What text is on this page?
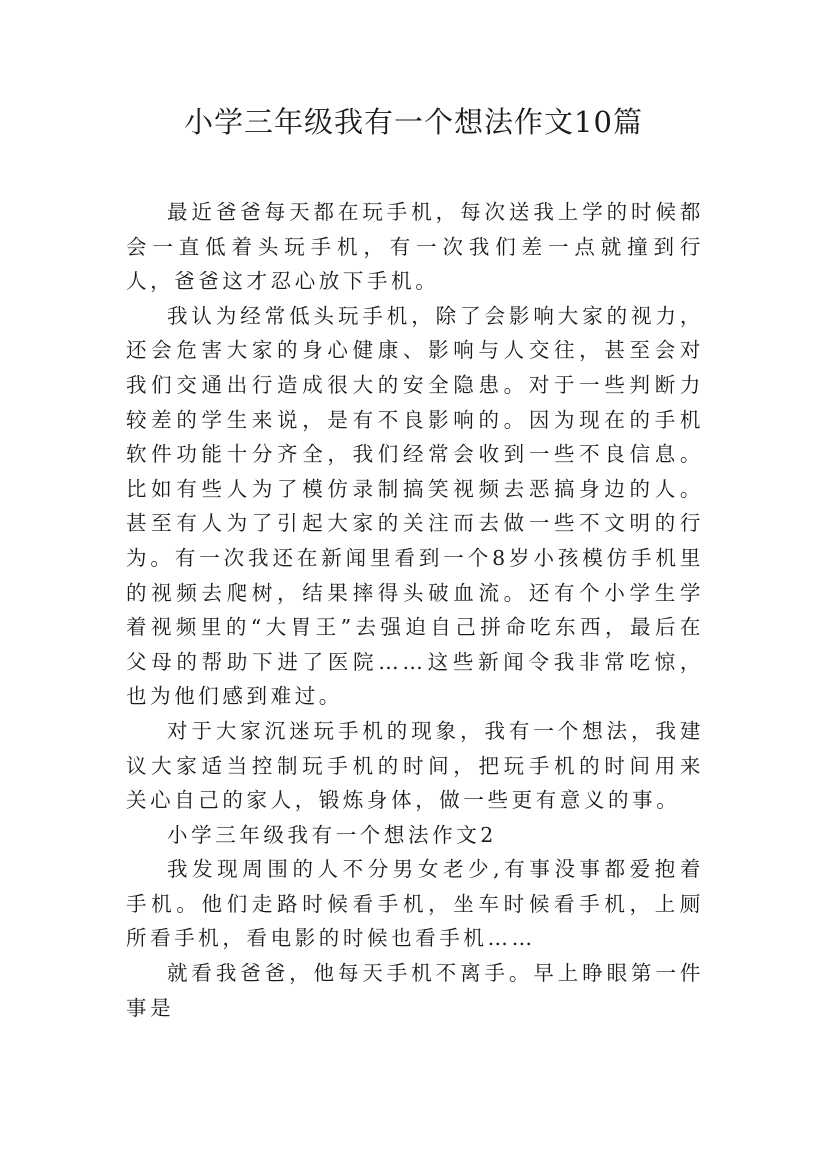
小学三年级我有一个想法作文10篇

最近爸爸每天都在玩手机，每次送我上学的时候都会一直低着头玩手机，有一次我们差一点就撞到行人，爸爸这才忍心放下手机。

我认为经常低头玩手机，除了会影响大家的视力，还会危害大家的身心健康、影响与人交往，甚至会对我们交通出行造成很大的安全隐患。对于一些判断力较差的学生来说，是有不良影响的。因为现在的手机软件功能十分齐全，我们经常会收到一些不良信息。比如有些人为了模仿录制搞笑视频去恶搞身边的人。甚至有人为了引起大家的关注而去做一些不文明的行为。有一次我还在新闻里看到一个8岁小孩模仿手机里的视频去爬树，结果摔得头破血流。还有个小学生学着视频里的“大胃王”去强迫自己拼命吃东西，最后在父母的帮助下进了医院……这些新闻令我非常吃惊，也为他们感到难过。

对于大家沉迷玩手机的现象，我有一个想法，我建议大家适当控制玩手机的时间，把玩手机的时间用来关心自己的家人，锻炼身体，做一些更有意义的事。

小学三年级我有一个想法作文2

我发现周围的人不分男女老少,有事没事都爱抱着手机。他们走路时候看手机，坐车时候看手机，上厕所看手机，看电影的时候也看手机……

就看我爸爸，他每天手机不离手。早上睁眼第一件事是
